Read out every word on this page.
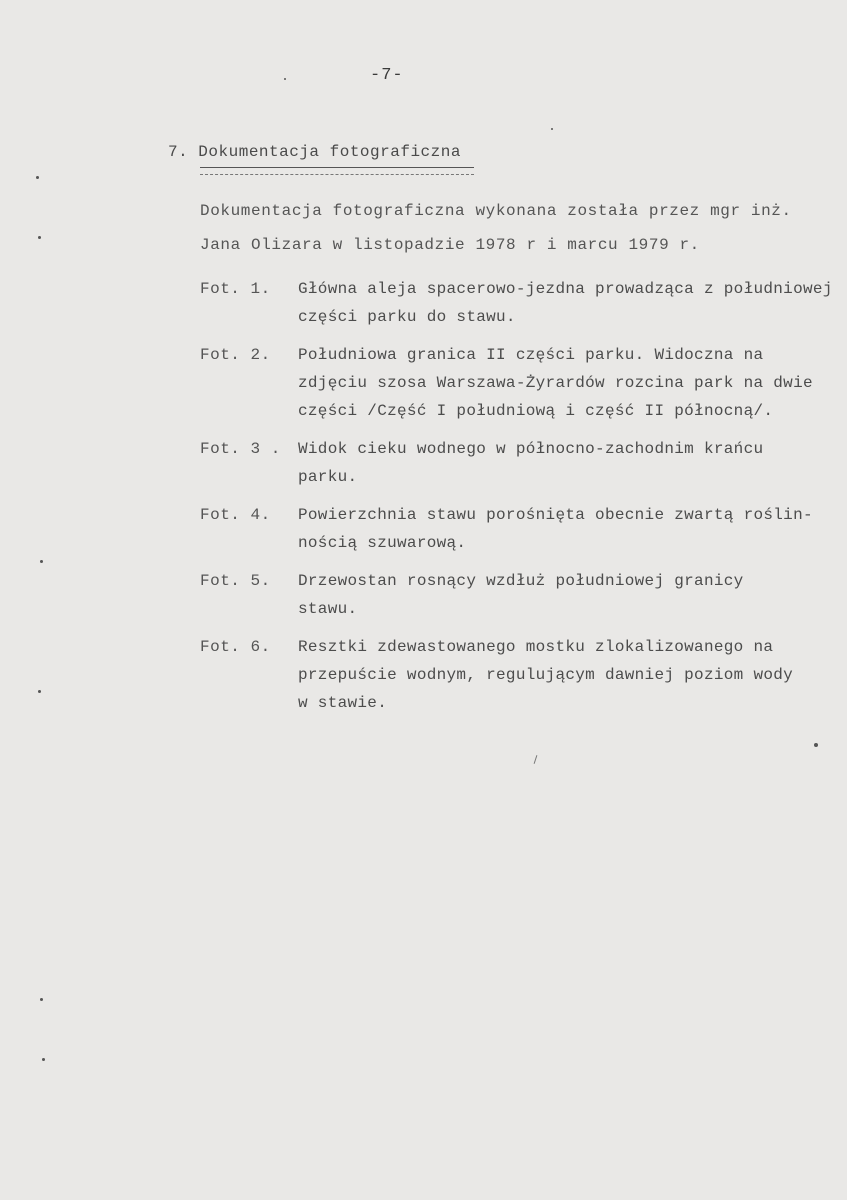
-7-
7. Dokumentacja fotograficzna
Dokumentacja fotograficzna wykonana została przez mgr inż.
Jana Olizara w listopadzie 1978 r i marcu 1979 r.
Fot. 1.	Główna aleja spacerowo-jezdna prowadząca z południowej
części parku do stawu.
Fot. 2.	Południowa granica II części parku. Widoczna na
zdjęciu szosa Warszawa-Żyrardów rozcina park na dwie
części /Część I południową i część II północną/.
Fot. 3 .	Widok cieku wodnego w północno-zachodnim krańcu
parku.
Fot. 4.	Powierzchnia stawu porośnięta obecnie zwartą roślin-
nością szuwarową.
Fot. 5.	Drzewostan rosnący wzdłuż południowej granicy
stawu.
Fot. 6.	Resztki zdewastowanego mostku zlokalizowanego na
przepuście wodnym, regulującym dawniej poziom wody
w stawie.
